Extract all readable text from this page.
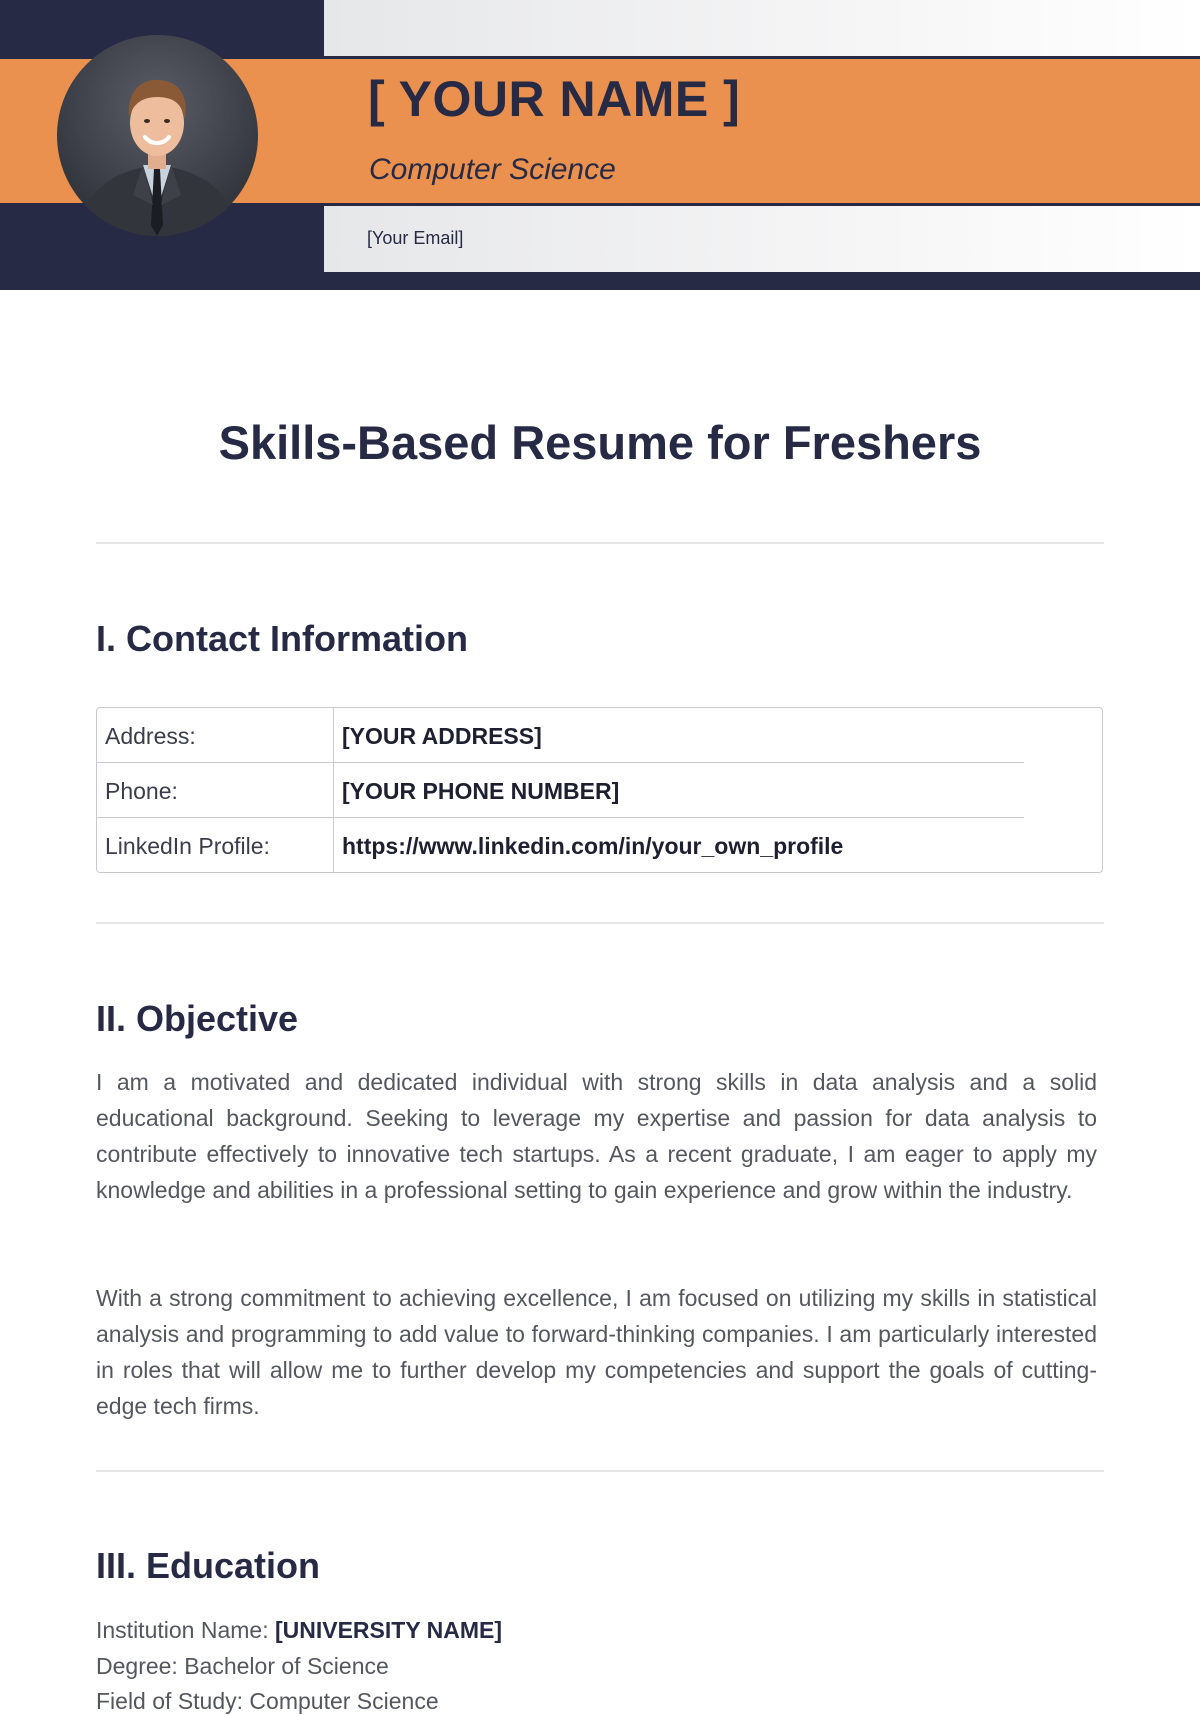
[ YOUR NAME ]
Computer Science
[Your Email]
Skills-Based Resume for Freshers
I. Contact Information
Address:	[YOUR ADDRESS]
Phone:	[YOUR PHONE NUMBER]
LinkedIn Profile:	https://www.linkedin.com/in/your_own_profile
II. Objective
I am a motivated and dedicated individual with strong skills in data analysis and a solid educational background. Seeking to leverage my expertise and passion for data analysis to contribute effectively to innovative tech startups. As a recent graduate, I am eager to apply my knowledge and abilities in a professional setting to gain experience and grow within the industry.
With a strong commitment to achieving excellence, I am focused on utilizing my skills in statistical analysis and programming to add value to forward-thinking companies. I am particularly interested in roles that will allow me to further develop my competencies and support the goals of cutting-edge tech firms.
III. Education
Institution Name: [UNIVERSITY NAME]
Degree: Bachelor of Science
Field of Study: Computer Science
